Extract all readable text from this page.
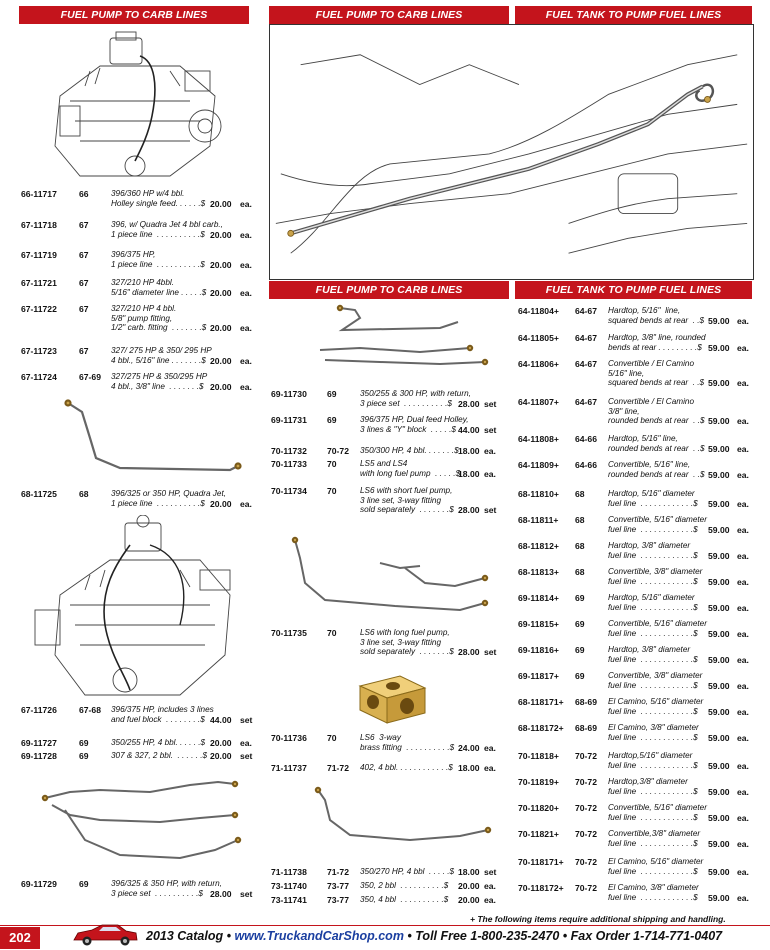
FUEL PUMP TO CARB LINES	FUEL PUMP TO CARB LINES	FUEL TANK TO PUMP FUEL LINES
FUEL PUMP TO CARB LINES	FUEL TANK TO PUMP FUEL LINES
66-11717	66	396/360 HP w/4 bbl.
Holley single feed. . . . . .$ 20.00 ea.
67-11718	67	396, w/ Quadra Jet 4 bbl carb.,
1 piece line  . . . . . . . . . .$ 20.00 ea.
67-11719	67	396/375 HP,
1 piece line  . . . . . . . . . .$ 20.00 ea.
67-11721	67	327/210 HP 4bbl.
5/16" diameter line . . . . .$ 20.00 ea.
67-11722	67	327/210 HP 4 bbl.
5/8" pump fitting,
1/2" carb. fitting  . . . . . . .$ 20.00 ea.
67-11723	67	327/ 275 HP & 350/ 295 HP
4 bbl., 5/16" line . . . . . . .$ 20.00 ea.
67-11724	67-69 327/275 HP & 350/295 HP
4 bbl., 3/8" line  . . . . . . .$ 20.00 ea.
68-11725	68	396/325 or 350 HP, Quadra Jet,
1 piece line  . . . . . . . . . .$ 20.00 ea.
67-11726	67-68 396/375 HP, includes 3 lines
and fuel block  . . . . . . . .$ 44.00 set
69-11727	69	350/255 HP, 4 bbl. . . . . .$ 20.00 ea.
69-11728	69	307 & 327, 2 bbl.  . . . . . .$ 20.00 set
69-11729	69	396/325 & 350 HP, with return,
3 piece set  . . . . . . . . . .$ 28.00 set
69-11730 69	350/255 & 300 HP, with return,
3 piece set  . . . . . . . . . .$ 28.00 set
69-11731 69	396/375 HP, Dual feed Holley,
3 lines & "Y" block  . . . . .$ 44.00 set
70-11732 70-72 350/300 HP, 4 bbl. . . . . . .$ 18.00 ea.
70-11733 70	LS5 and LS4
with long fuel pump  . . . . .$
18.00 ea.
70-11734 70	LS6 with short fuel pump,
3 line set, 3-way fitting
sold separately  . . . . . . .$ 28.00 set
70-11735 70	LS6 with long fuel pump,
3 line set, 3-way fitting
sold separately  . . . . . . .$ 28.00 set
70-11736 70	LS6  3-way
brass fitting  . . . . . . . . . .$ 24.00 ea.
71-11737 71-72 402, 4 bbl. . . . . . . . . . . .$ 18.00 ea.
71-11738 71-72 350/270 HP, 4 bbl  . . . . .$ 18.00 set
73-11740 73-77 350, 2 bbl  . . . . . . . . . .$ 20.00 ea.
73-11741 73-77 350, 4 bbl  . . . . . . . . . .$ 20.00 ea.
64-11804+ 64-67 Hardtop, 5/16"  line,
squared bends at rear  . .$ 59.00 ea.
64-11805+ 64-67 Hardtop, 3/8" line, rounded
bends at rear . . . . . . . . .$ 59.00 ea.
64-11806+ 64-67 Convertible / El Camino
5/16" line,
squared bends at rear  . .$ 59.00 ea.
64-11807+ 64-67 Convertible / El Camino
3/8" line,
rounded bends at rear  . .$ 59.00 ea.
64-11808+ 64-66 Hardtop, 5/16" line,
rounded bends at rear  . .$ 59.00 ea.
64-11809+ 64-66 Convertible, 5/16" line,
rounded bends at rear  . .$ 59.00 ea.
68-11810+ 68	Hardtop, 5/16" diameter
fuel line  . . . . . . . . . . . .$ 59.00 ea.
68-11811+ 68	Convertible, 5/16" diameter
fuel line  . . . . . . . . . . . .$ 59.00 ea.
68-11812+ 68	Hardtop, 3/8" diameter
fuel line  . . . . . . . . . . . .$ 59.00 ea.
68-11813+ 68	Convertible, 3/8" diameter
fuel line  . . . . . . . . . . . .$ 59.00 ea.
69-11814+ 69	Hardtop, 5/16" diameter
fuel line  . . . . . . . . . . . .$ 59.00 ea.
69-11815+ 69	Convertible, 5/16" diameter
fuel line  . . . . . . . . . . . .$ 59.00 ea.
69-11816+ 69	Hardtop, 3/8" diameter
fuel line  . . . . . . . . . . . .$ 59.00 ea.
69-11817+ 69	Convertible, 3/8" diameter
fuel line  . . . . . . . . . . . .$ 59.00 ea.
68-118171+ 68-69 El Camino, 5/16" diameter
fuel line  . . . . . . . . . . . .$ 59.00 ea.
68-118172+ 68-69 El Camino, 3/8" diameter
fuel line  . . . . . . . . . . . .$ 59.00 ea.
70-11818+ 70-72 Hardtop,5/16" diameter
fuel line  . . . . . . . . . . . .$ 59.00 ea.
70-11819+ 70-72 Hardtop,3/8" diameter
fuel line  . . . . . . . . . . . .$ 59.00 ea.
70-11820+ 70-72 Convertible, 5/16" diameter
fuel line  . . . . . . . . . . . .$ 59.00 ea.
70-11821+ 70-72 Convertible,3/8" diameter
fuel line  . . . . . . . . . . . .$ 59.00 ea.
70-118171+ 70-72 El Camino, 5/16" diameter
fuel line  . . . . . . . . . . . .$ 59.00 ea.
70-118172+ 70-72 El Camino, 3/8" diameter
fuel line  . . . . . . . . . . . .$ 59.00 ea.
+ The following items require additional shipping and handling.
202	2013 Catalog • www.TruckandCarShop.com • Toll Free 1-800-235-2470 • Fax Order 1-714-771-0407
